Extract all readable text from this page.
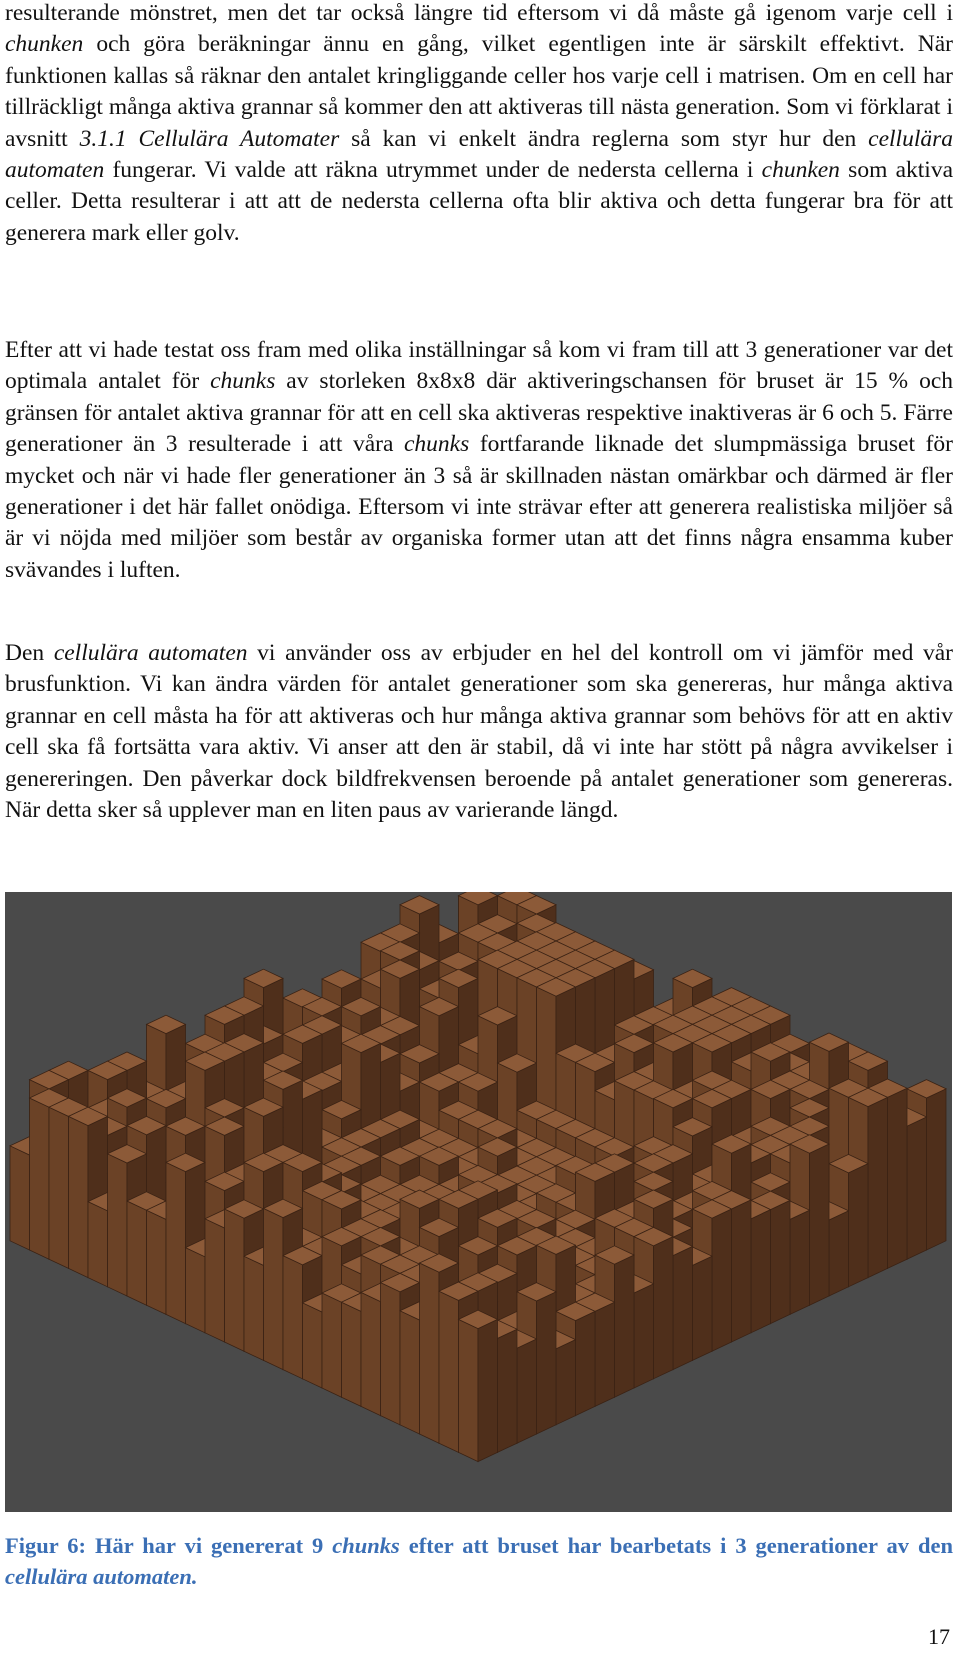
resulterande mönstret, men det tar också längre tid eftersom vi då måste gå igenom varje cell i chunken och göra beräkningar ännu en gång, vilket egentligen inte är särskilt effektivt. När funktionen kallas så räknar den antalet kringliggande celler hos varje cell i matrisen. Om en cell har tillräckligt många aktiva grannar så kommer den att aktiveras till nästa generation. Som vi förklarat i avsnitt 3.1.1 Cellulära Automater så kan vi enkelt ändra reglerna som styr hur den cellulära automaten fungerar. Vi valde att räkna utrymmet under de nedersta cellerna i chunken som aktiva celler. Detta resulterar i att att de nedersta cellerna ofta blir aktiva och detta fungerar bra för att generera mark eller golv.

Efter att vi hade testat oss fram med olika inställningar så kom vi fram till att 3 generationer var det optimala antalet för chunks av storleken 8x8x8 där aktiveringschansen för bruset är 15 % och gränsen för antalet aktiva grannar för att en cell ska aktiveras respektive inaktiveras är 6 och 5. Färre generationer än 3 resulterade i att våra chunks fortfarande liknade det slumpmässiga bruset för mycket och när vi hade fler generationer än 3 så är skillnaden nästan omärkbar och därmed är fler generationer i det här fallet onödiga. Eftersom vi inte strävar efter att generera realistiska miljöer så är vi nöjda med miljöer som består av organiska former utan att det finns några ensamma kuber svävandes i luften.

Den cellulära automaten vi använder oss av erbjuder en hel del kontroll om vi jämför med vår brusfunktion. Vi kan ändra värden för antalet generationer som ska genereras, hur många aktiva grannar en cell måsta ha för att aktiveras och hur många aktiva grannar som behövs för att en aktiv cell ska få fortsätta vara aktiv. Vi anser att den är stabil, då vi inte har stött på några avvikelser i genereringen. Den påverkar dock bildfrekvensen beroende på antalet generationer som genereras. När detta sker så upplever man en liten paus av varierande längd.

Figur 6: Här har vi genererat 9 chunks efter att bruset har bearbetats i 3 generationer av den cellulära automaten.

17
